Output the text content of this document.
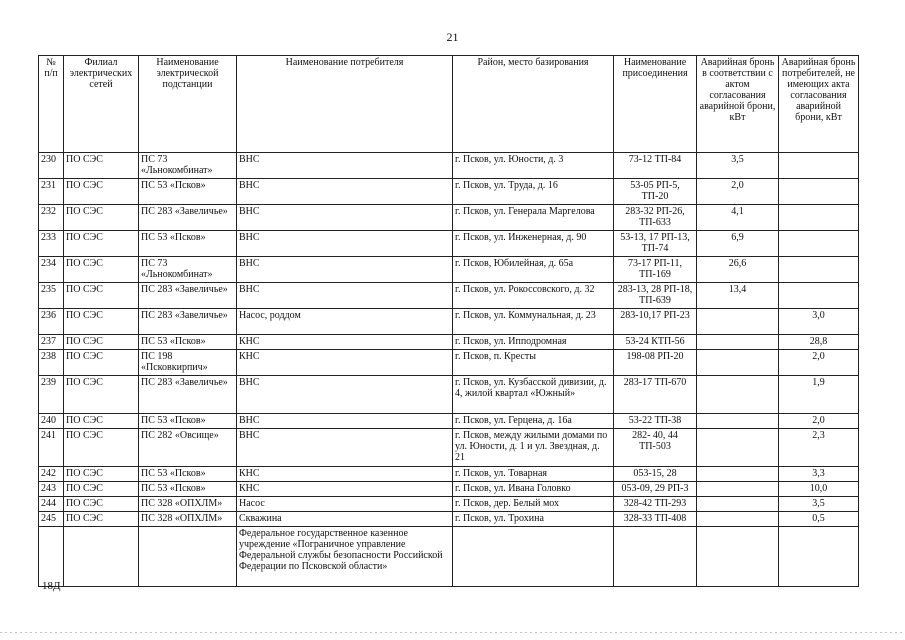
21
№ п/п	Филиал электрических сетей	Наименование электрической подстанции	Наименование потребителя	Район, место базирования	Наименование присоединения	Аварийная бронь в соответствии с актом согласования аварийной брони, кВт	Аварийная бронь потребителей, не имеющих акта согласования аварийной брони, кВт
230	ПО СЭС	ПС 73 «Льнокомбинат»	ВНС	г. Псков, ул. Юности, д. 3	73-12 ТП-84	3,5	
231	ПО СЭС	ПС 53 «Псков»	ВНС	г. Псков, ул. Труда, д. 16	53-05 РП-5, ТП-20	2,0	
232	ПО СЭС	ПС 283 «Завеличье»	ВНС	г. Псков, ул. Генерала Маргелова	283-32 РП-26, ТП-633	4,1	
233	ПО СЭС	ПС 53 «Псков»	ВНС	г. Псков, ул. Инженерная, д. 90	53-13, 17 РП-13, ТП-74	6,9	
234	ПО СЭС	ПС 73 «Льнокомбинат»	ВНС	г. Псков, Юбилейная, д. 65а	73-17 РП-11, ТП-169	26,6	
235	ПО СЭС	ПС 283 «Завеличье»	ВНС	г. Псков, ул. Рокоссовского, д. 32	283-13, 28 РП-18, ТП-639	13,4	
236	ПО СЭС	ПС 283 «Завеличье»	Насос, роддом	г. Псков, ул. Коммунальная, д. 23	283-10,17 РП-23		3,0
237	ПО СЭС	ПС 53 «Псков»	КНС	г. Псков, ул. Ипподромная	53-24 КТП-56		28,8
238	ПО СЭС	ПС 198 «Псковкирпич»	КНС	г. Псков, п. Кресты	198-08 РП-20		2,0
239	ПО СЭС	ПС 283 «Завеличье»	ВНС	г. Псков, ул. Кузбасской дивизии, д. 4, жилой квартал «Южный»	283-17 ТП-670		1,9
240	ПО СЭС	ПС 53 «Псков»	ВНС	г. Псков, ул. Герцена, д. 16а	53-22 ТП-38		2,0
241	ПО СЭС	ПС 282 «Овсище»	ВНС	г. Псков, между жилыми домами по ул. Юности, д. 1 и ул. Звездная, д. 21	282- 40, 44 ТП-503		2,3
242	ПО СЭС	ПС 53 «Псков»	КНС	г. Псков, ул. Товарная	053-15, 28		3,3
243	ПО СЭС	ПС 53 «Псков»	КНС	г. Псков, ул. Ивана Головко	053-09, 29 РП-3		10,0
244	ПО СЭС	ПС 328 «ОПХЛМ»	Насос	г. Псков, дер. Белый мох	328-42 ТП-293		3,5
245	ПО СЭС	ПС 328 «ОПХЛМ»	Скважина	г. Псков, ул. Трохина	328-33 ТП-408		0,5
			Федеральное государственное казенное учреждение «Пограничное управление Федеральной службы безопасности Российской Федерации по Псковской области»				
18Д
